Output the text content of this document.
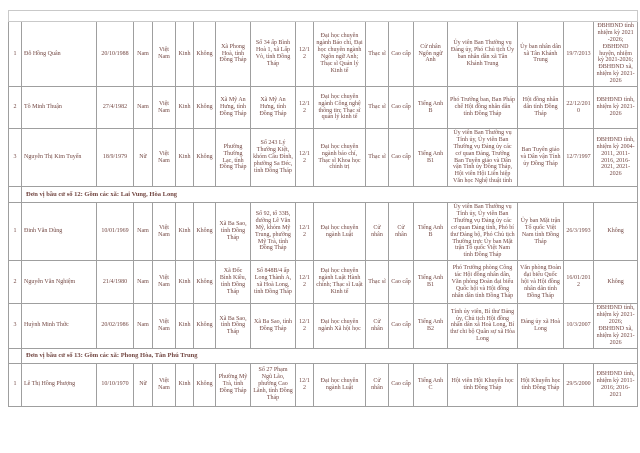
1	Đỗ Hồng Quân	20/10/1988	Nam	Việt Nam	Kinh	Không	Xã Phong Hoà, tỉnh Đồng Tháp	Số 34 ấp Bình Hoà 1, xã Lấp Vò, tỉnh Đồng Tháp	12/12	Đại học chuyên ngành Báo chí, Đại học chuyên ngành Ngôn ngữ Anh; Thạc sĩ Quản lý Kinh tế	Thạc sĩ	Cao cấp	Cử nhân Ngôn ngữ Anh	Ủy viên Ban Thường vụ Đảng ủy, Phó Chủ tịch Ủy ban nhân dân xã Tân Khánh Trung	Ủy ban nhân dân xã Tân Khánh Trung	19/7/2013	ĐBHĐND tỉnh nhiệm kỳ 2021 -2026; ĐBHĐND huyện, nhiệm kỳ 2021-2026; ĐBHĐND xã, nhiệm kỳ 2021-2026
2	Tô Minh Thuận	27/4/1982	Nam	Việt Nam	Kinh	Không	Xã Mỹ An Hưng, tỉnh Đồng Tháp	Xã Mỹ An Hưng, tỉnh Đồng Tháp	12/12	Đại học chuyên ngành Công nghệ thông tin; Thạc sĩ quản lý kinh tế	Thạc sĩ	Cao cấp	Tiếng Anh B	Phó Trưởng ban, Ban Pháp chế Hội đồng nhân dân tỉnh Đồng Tháp	Hội đồng nhân dân tỉnh Đồng Tháp	22/12/2010	ĐBHĐND tỉnh, nhiệm kỳ 2021-2026
3	Nguyễn Thị Kim Tuyến	18/9/1979	Nữ	Việt Nam	Kinh	Không	Phường Thường Lạc, tỉnh Đồng Tháp	Số 243 Lý Thường Kiệt, khóm Cầu Đình, phường Sa Đéc, tỉnh Đồng Tháp	12/12	Đại học chuyên ngành báo chí, Thạc sĩ Khoa học chính trị	Thạc sĩ	Cao cấp	Tiếng Anh B1	Ủy viên Ban Thường vụ Tỉnh ủy, Ủy viên Ban Thường vụ Đảng ủy các cơ quan Đảng, Trưởng Ban Tuyên giáo và Dân vận Tỉnh ủy Đồng Tháp, Hội viên Hội Liên hiệp Văn học Nghệ thuật tỉnh	Ban Tuyên giáo và Dân vận Tỉnh ủy Đồng Tháp	12/7/1997	ĐBHĐND tỉnh, nhiệm kỳ 2004-2011, 2011-2016, 2016-2021, 2021-2026
	Đơn vị bầu cử số 12: Gồm các xã: Lai Vung, Hòa Long																
1	Đinh Văn Dũng	10/01/1969	Nam	Việt Nam	Kinh	Không	Xã Ba Sao, tỉnh Đồng Tháp	Số 92, tổ 33B, đường Lê Văn Mỹ, khóm Mỹ Trung, phường Mỹ Trà, tỉnh Đồng Tháp	12/12	Đại học chuyên ngành Luật	Cử nhân	Cử nhân	Tiếng Anh B	Ủy viên Ban Thường vụ Tỉnh ủy, Ủy viên Ban Thường vụ Đảng ủy các cơ quan Đảng tỉnh, Phó bí thư Đảng bộ, Phó Chủ tịch Thường trực Ủy ban Mặt trận Tổ quốc Việt Nam tỉnh Đồng Tháp	Ủy ban Mặt trận Tổ quốc Việt Nam tỉnh Đồng Tháp	26/3/1993	Không
2	Nguyễn Văn Nghiệm	21/4/1980	Nam	Việt Nam	Kinh	Không	Xã Đốc Bình Kiều, tỉnh Đồng Tháp	Số 848B/4 ấp Long Thành A, xã Hoà Long, tỉnh Đồng Tháp	12/12	Đại học chuyên ngành Luật Hành chính; Thạc sĩ Luật Kinh tế	Thạc sĩ	Cao cấp	Tiếng Anh B1	Phó Trưởng phòng Công tác Hội đồng nhân dân, Văn phòng Đoàn đại biểu Quốc hội và Hội đồng nhân dân tỉnh Đồng Tháp	Văn phòng Đoàn đại biểu Quốc hội và Hội đồng nhân dân tỉnh Đồng Tháp	16/01/2012	Không
3	Huỳnh Minh Thức	20/02/1986	Nam	Việt Nam	Kinh	Không	Xã Ba Sao, tỉnh Đồng Tháp	Xã Ba Sao, tỉnh Đồng Tháp	12/12	Đại học chuyên ngành Xã hội học	Cử nhân	Cao cấp	Tiếng Anh B2	Tỉnh ủy viên, Bí thư Đảng ủy, Chủ tịch Hội đồng nhân dân xã Hoà Long, Bí thư chi bộ Quân sự xã Hòa Long	Đảng ủy xã Hoà Long	10/3/2007	ĐBHĐND tỉnh, nhiệm kỳ 2021-2026; ĐBHĐND xã, nhiệm kỳ 2021-2026
	Đơn vị bầu cử số 13: Gồm các xã: Phong Hòa, Tân Phú Trung																
1	Lê Thị Hồng Phượng	10/10/1970	Nữ	Việt Nam	Kinh	Không	Phường Mỹ Trà, tỉnh Đồng Tháp	Số 27 Phạm Ngũ Lão, phường Cao Lãnh, tỉnh Đồng Tháp	12/12	Đại học chuyên ngành Luật	Cử nhân	Cao cấp	Tiếng Anh C	Hội viên Hội Khuyến học tỉnh Đồng Tháp	Hội Khuyến học tỉnh Đồng Tháp	29/5/2000	ĐBHĐND tỉnh, nhiệm kỳ 2011-2016; 2016-2021
